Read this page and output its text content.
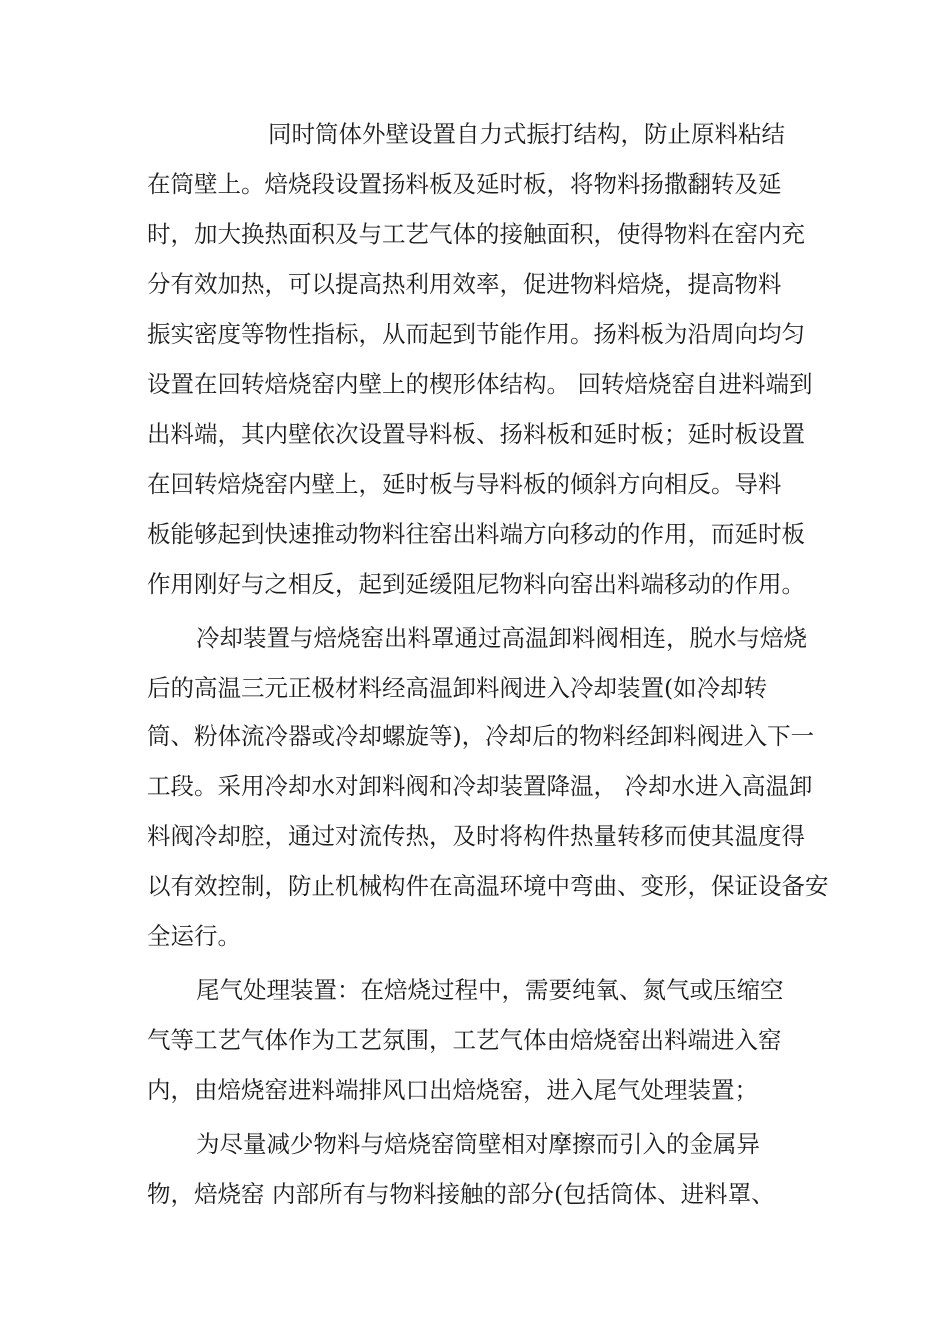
同时筒体外壁设置自力式振打结构，防止原料粘结
在筒壁上。焙烧段设置扬料板及延时板，将物料扬撒翻转及延
时，加大换热面积及与工艺气体的接触面积，使得物料在窑内充
分有效加热，可以提高热利用效率，促进物料焙烧，提高物料
振实密度等物性指标，从而起到节能作用。扬料板为沿周向均匀
设置在回转焙烧窑内壁上的楔形体结构。 回转焙烧窑自进料端到
出料端，其内壁依次设置导料板、扬料板和延时板；延时板设置
在回转焙烧窑内壁上，延时板与导料板的倾斜方向相反。导料
板能够起到快速推动物料往窑出料端方向移动的作用，而延时板
作用刚好与之相反，起到延缓阻尼物料向窑出料端移动的作用。
冷却装置与焙烧窑出料罩通过高温卸料阀相连，脱水与焙烧
后的高温三元正极材料经高温卸料阀进入冷却装置(如冷却转
筒、粉体流冷器或冷却螺旋等)，冷却后的物料经卸料阀进入下一
工段。采用冷却水对卸料阀和冷却装置降温， 冷却水进入高温卸
料阀冷却腔，通过对流传热，及时将构件热量转移而使其温度得
以有效控制，防止机械构件在高温环境中弯曲、变形，保证设备安
全运行。
尾气处理装置：在焙烧过程中，需要纯氧、氮气或压缩空
气等工艺气体作为工艺氛围，工艺气体由焙烧窑出料端进入窑
内，由焙烧窑进料端排风口出焙烧窑，进入尾气处理装置；
为尽量减少物料与焙烧窑筒壁相对摩擦而引入的金属异
物，焙烧窑 内部所有与物料接触的部分(包括筒体、进料罩、
